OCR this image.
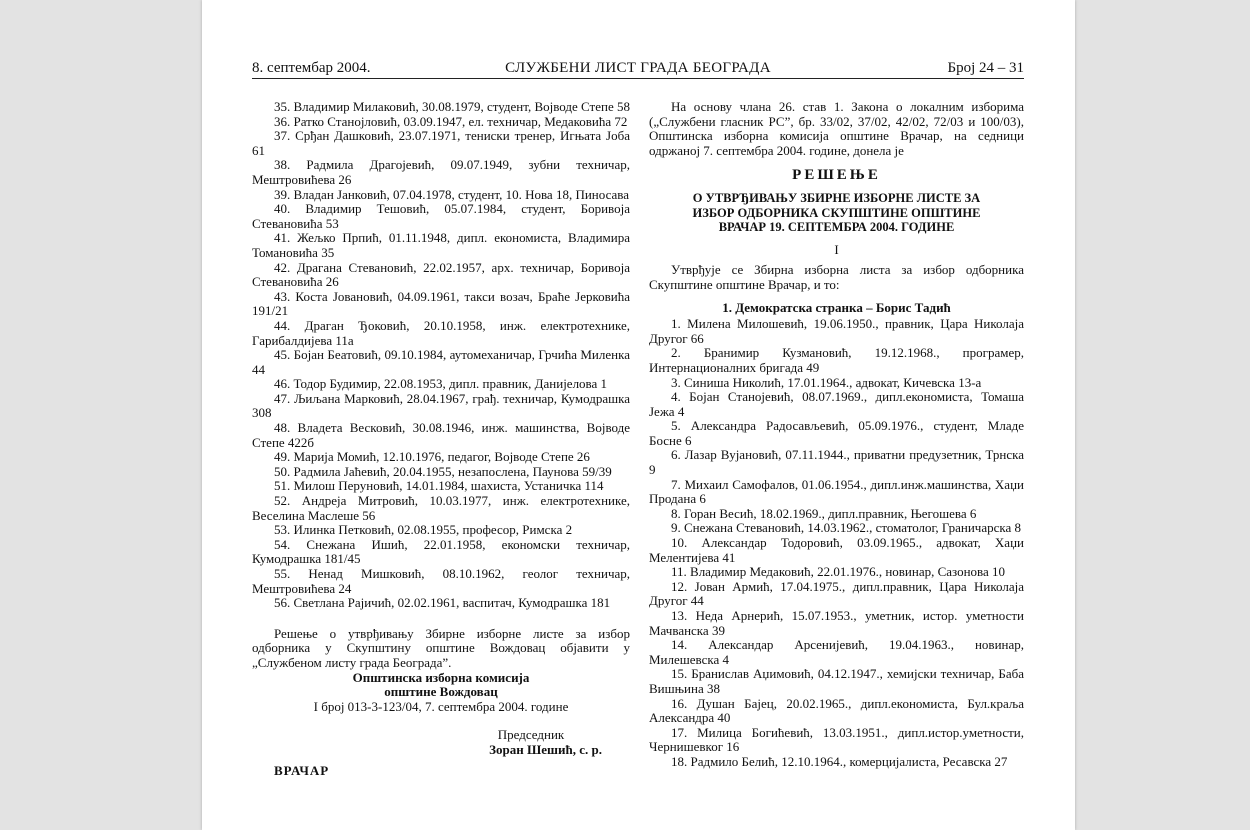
СЛУЖБЕНИ ЛИСТ ГРАДА БЕОГРАДА
8. септембар 2004.	Број 24 – 31

35. Владимир Милаковић, 30.08.1979, студент, Војводе Степе 58

36. Ратко Станојловић, 03.09.1947, ел. техничар, Медаковића 72

37. Срђан Дашковић, 23.07.1971, тениски тренер, Игњата Јоба 61

38. Радмила Драгојевић, 09.07.1949, зубни техничар, Мештровићева 26

39. Владан Јанковић, 07.04.1978, студент, 10. Нова 18, Пиносава

40. Владимир Тешовић, 05.07.1984, студент, Боривоја Стевановића 53

41. Жељко Прпић, 01.11.1948, дипл. економиста, Владимира Томановића 35

42. Драгана Стевановић, 22.02.1957, арх. техничар, Боривоја Стевановића 26

43. Коста Јовановић, 04.09.1961, такси возач, Браће Јерковића 191/21

44. Драган Ђоковић, 20.10.1958, инж. електротехнике, Гарибалдијева 11а

45. Бојан Беатовић, 09.10.1984, аутомеханичар, Грчића Миленка 44

46. Тодор Будимир, 22.08.1953, дипл. правник, Данијелова 1

47. Љиљана Марковић, 28.04.1967, грађ. техничар, Кумодрашка 308

48. Владета Весковић, 30.08.1946, инж. машинства, Војводе Степе 422б

49. Марија Момић, 12.10.1976, педагог, Војводе Степе 26

50. Радмила Јаћевић, 20.04.1955, незапослена, Паунова 59/39

51. Милош Перуновић, 14.01.1984, шахиста, Устаничка 114

52. Андреја Митровић, 10.03.1977, инж. електротехнике, Веселина Маслеше 56

53. Илинка Петковић, 02.08.1955, професор, Римска 2

54. Снежана Ишић, 22.01.1958, економски техничар, Кумодрашка 181/45

55. Ненад Мишковић, 08.10.1962, геолог техничар, Мештровићева 24

56. Светлана Рајичић, 02.02.1961, васпитач, Кумодрашка 181

Решење о утврђивању Збирне изборне листе за избор одборника у Скупштину општине Вождовац објавити у „Службеном листу града Београда”.

Општинска изборна комисија

општине Вождовац

I број 013-3-123/04, 7. септембра 2004. године

Председник

Зоран Шешић, с. р.

ВРАЧАР

На основу члана 26. став 1. Закона о локалним изборима („Службени гласник РС”, бр. 33/02, 37/02, 42/02, 72/03 и 100/03), Општинска изборна комисија општине Врачар, на седници одржаној 7. септембра 2004. године, донела је

РЕШЕЊЕ

О УТВРЂИВАЊУ ЗБИРНЕ ИЗБОРНЕ ЛИСТЕ ЗА
ИЗБОР ОДБОРНИКА СКУПШТИНЕ ОПШТИНЕ
ВРАЧАР 19. СЕПТЕМБРА 2004. ГОДИНЕ

I

Утврђује се Збирна изборна листа за избор одборника Скупштине општине Врачар, и то:

1. Демократска странка – Борис Тадић

1. Милена Милошевић, 19.06.1950., правник, Цара Николаја Другог 66

2. Бранимир Кузмановић, 19.12.1968., програмер, Интернационалних бригада 49

3. Синиша Николић, 17.01.1964., адвокат, Кичевска 13-а

4. Бојан Станојевић, 08.07.1969., дипл.економиста, Томаша Јежа 4

5. Александра Радосављевић, 05.09.1976., студент, Младе Босне 6

6. Лазар Вујановић, 07.11.1944., приватни предузетник, Трнска 9

7. Михаил Самофалов, 01.06.1954., дипл.инж.машинства, Хаџи Продана 6

8. Горан Весић, 18.02.1969., дипл.правник, Његошева 6

9. Снежана Стевановић, 14.03.1962., стоматолог, Граничарска 8

10. Александар Тодоровић, 03.09.1965., адвокат, Хаџи Мелентијева 41

11. Владимир Медаковић, 22.01.1976., новинар, Сазонова 10

12. Јован Армић, 17.04.1975., дипл.правник, Цара Николаја Другог 44

13. Неда Арнерић, 15.07.1953., уметник, истор. уметности Мачванска 39

14. Александар Арсенијевић, 19.04.1963., новинар, Милешевска 4

15. Бранислав Аџимовић, 04.12.1947., хемијски техничар, Баба Вишњина 38

16. Душан Бајец, 20.02.1965., дипл.економиста, Бул.краља Александра 40

17. Милица Богићевић, 13.03.1951., дипл.истор.уметности, Чернишевког 16

18. Радмило Белић, 12.10.1964., комерцијалиста, Ресавска 27
